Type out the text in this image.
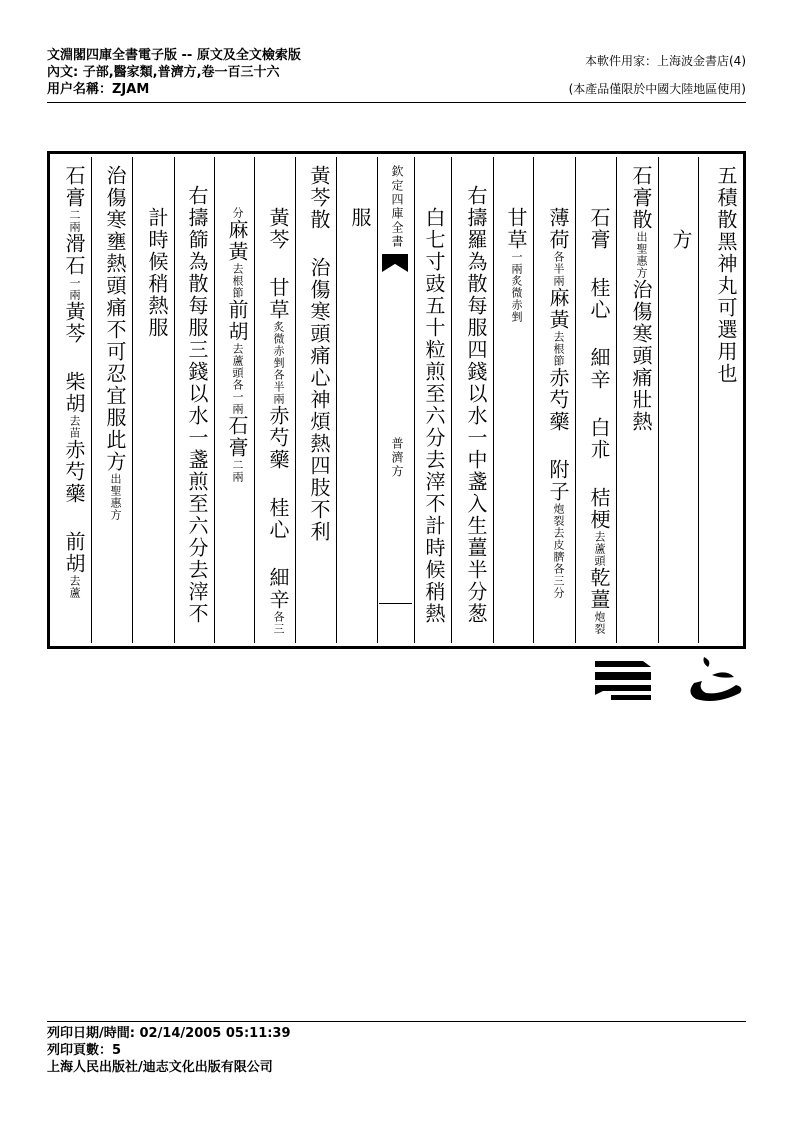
文淵閣四庫全書電子版 -- 原文及全文檢索版
內文: 子部,醫家類,普濟方,卷一百三十六
用户名稱：ZJAM
本軟件用家：上海波金書店(4)
(本產品僅限於中國大陸地區使用)
石膏二兩滑石一兩黃芩 柴胡去苗赤芍藥 前胡去蘆
治傷寒壅熱頭痛不可忍宜服此方出聖惠方
計時候稍熱服 右擣篩為散每服三錢以水一盞煎至六分去滓不	分麻黃去根節前胡去蘆頭各一兩石膏二兩
黃芩 甘草炙微赤剉各半兩赤芍藥 桂心 細辛各三
黃芩散 治傷寒頭痛心神煩熱四肢不利 服 欽定四庫全書
普濟方 白七寸豉五十粒煎至六分去滓不計時候稍熱 右擣羅為散每服四錢以水一中盞入生薑半分葱 甘草一兩炙微赤剉
薄荷各半兩麻黃去根節赤芍藥 附子炮裂去皮臍各三分
石膏 桂心 細辛 白朮 桔梗去蘆頭乾薑炮裂
石膏散出聖惠方治傷寒頭痛壯熱
方 五積散黑神丸可選用也
列印日期/時間: 02/14/2005 05:11:39
列印頁數：5
上海人民出版社/迪志文化出版有限公司
